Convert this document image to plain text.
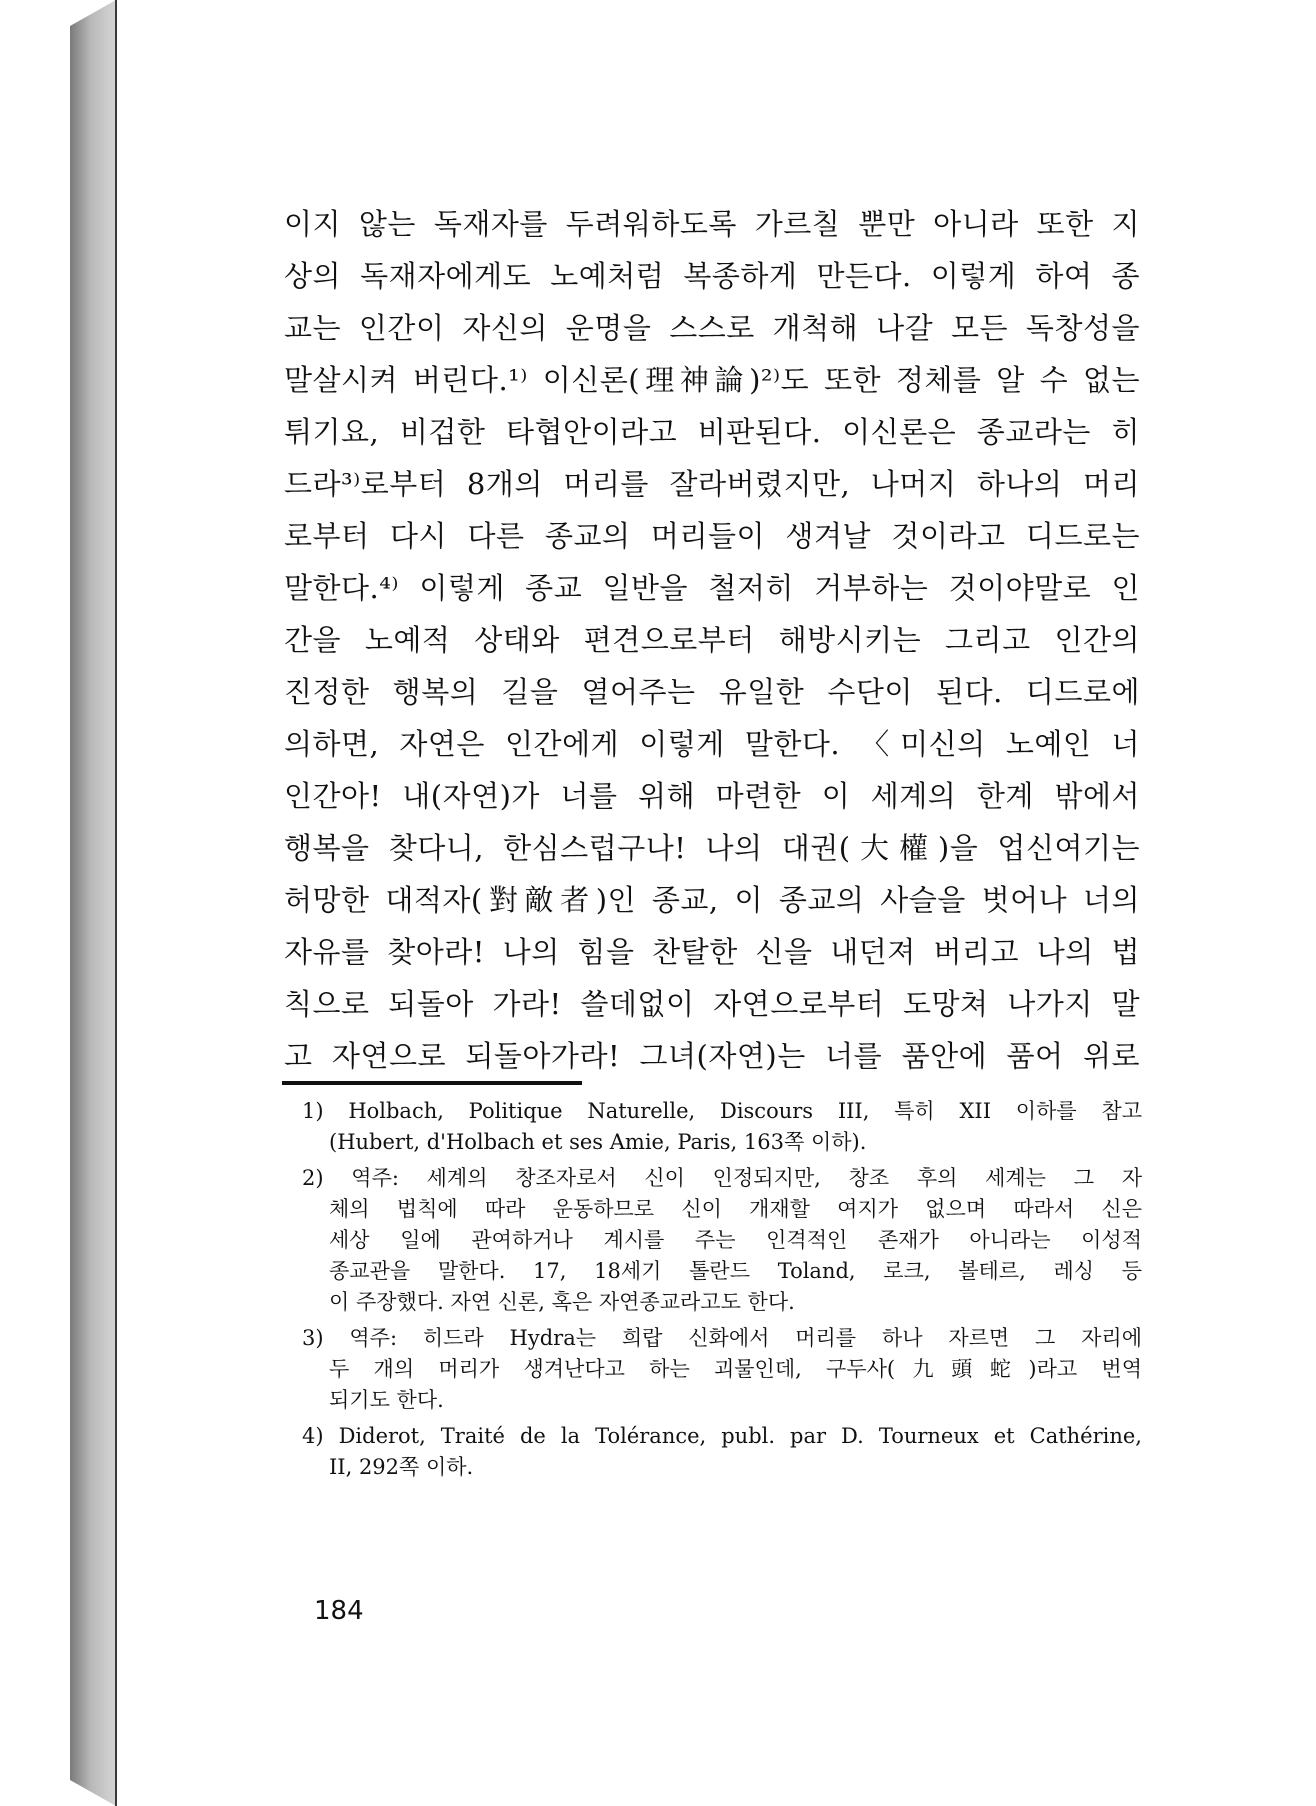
이지 않는 독재자를 두려워하도록 가르칠 뿐만 아니라 또한 지
상의 독재자에게도 노예처럼 복종하게 만든다. 이렇게 하여 종
교는 인간이 자신의 운명을 스스로 개척해 나갈 모든 독창성을
말살시켜 버린다.¹⁾ 이신론(理神論)²⁾도 또한 정체를 알 수 없는
튀기요, 비겁한 타협안이라고 비판된다. 이신론은 종교라는 히
드라³⁾로부터 8개의 머리를 잘라버렸지만, 나머지 하나의 머리
로부터 다시 다른 종교의 머리들이 생겨날 것이라고 디드로는
말한다.⁴⁾ 이렇게 종교 일반을 철저히 거부하는 것이야말로 인
간을 노예적 상태와 편견으로부터 해방시키는 그리고 인간의
진정한 행복의 길을 열어주는 유일한 수단이 된다. 디드로에
의하면, 자연은 인간에게 이렇게 말한다. 〈미신의 노예인 너
인간아! 내(자연)가 너를 위해 마련한 이 세계의 한계 밖에서
행복을 찾다니, 한심스럽구나! 나의 대권(大權)을 업신여기는
허망한 대적자(對敵者)인 종교, 이 종교의 사슬을 벗어나 너의
자유를 찾아라! 나의 힘을 찬탈한 신을 내던져 버리고 나의 법
칙으로 되돌아 가라! 쓸데없이 자연으로부터 도망쳐 나가지 말
고 자연으로 되돌아가라! 그녀(자연)는 너를 품안에 품어 위로
1) Holbach, Politique Naturelle, Discours III, 특히 XII 이하를 참고
(Hubert, d'Holbach et ses Amie, Paris, 163쪽 이하).
2) 역주: 세계의 창조자로서 신이 인정되지만, 창조 후의 세계는 그 자
체의 법칙에 따라 운동하므로 신이 개재할 여지가 없으며 따라서 신은
세상 일에 관여하거나 계시를 주는 인격적인 존재가 아니라는 이성적
종교관을 말한다. 17, 18세기 톨란드 Toland, 로크, 볼테르, 레싱 등
이 주장했다. 자연 신론, 혹은 자연종교라고도 한다.
3) 역주: 히드라 Hydra는 희랍 신화에서 머리를 하나 자르면 그 자리에
두 개의 머리가 생겨난다고 하는 괴물인데, 구두사(九頭蛇)라고 번역
되기도 한다.
4) Diderot, Traité de la Tolérance, publ. par D. Tourneux et Cathérine,
II, 292쪽 이하.
184
